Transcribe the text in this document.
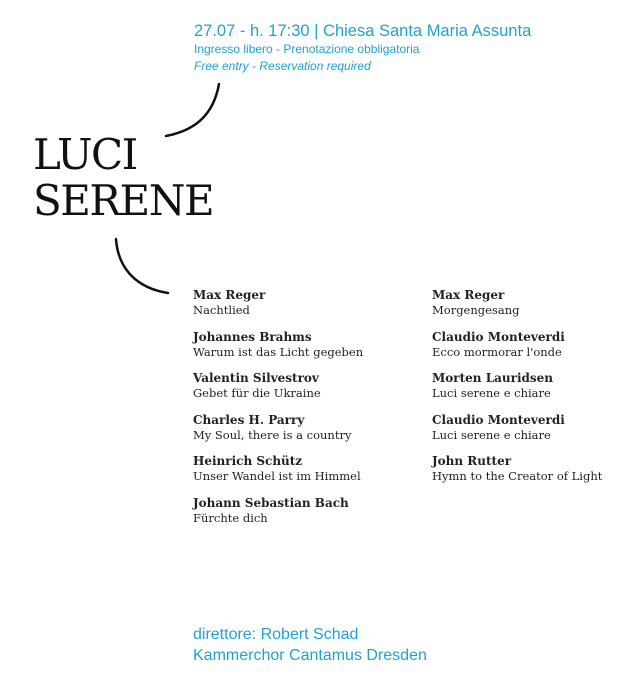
27.07 - h. 17:30 | Chiesa Santa Maria Assunta
Ingresso libero - Prenotazione obbligatoria
Free entry - Reservation required
LUCI
SERENE
Max Reger
Nachtlied
Johannes Brahms
Warum ist das Licht gegeben
Valentin Silvestrov
Gebet für die Ukraine
Charles H. Parry
My Soul, there is a country
Heinrich Schütz
Unser Wandel ist im Himmel
Johann Sebastian Bach
Fürchte dich
Max Reger
Morgengesang
Claudio Monteverdi
Ecco mormorar l'onde
Morten Lauridsen
Luci serene e chiare
Claudio Monteverdi
Luci serene e chiare
John Rutter
Hymn to the Creator of Light
direttore: Robert Schad
Kammerchor Cantamus Dresden
